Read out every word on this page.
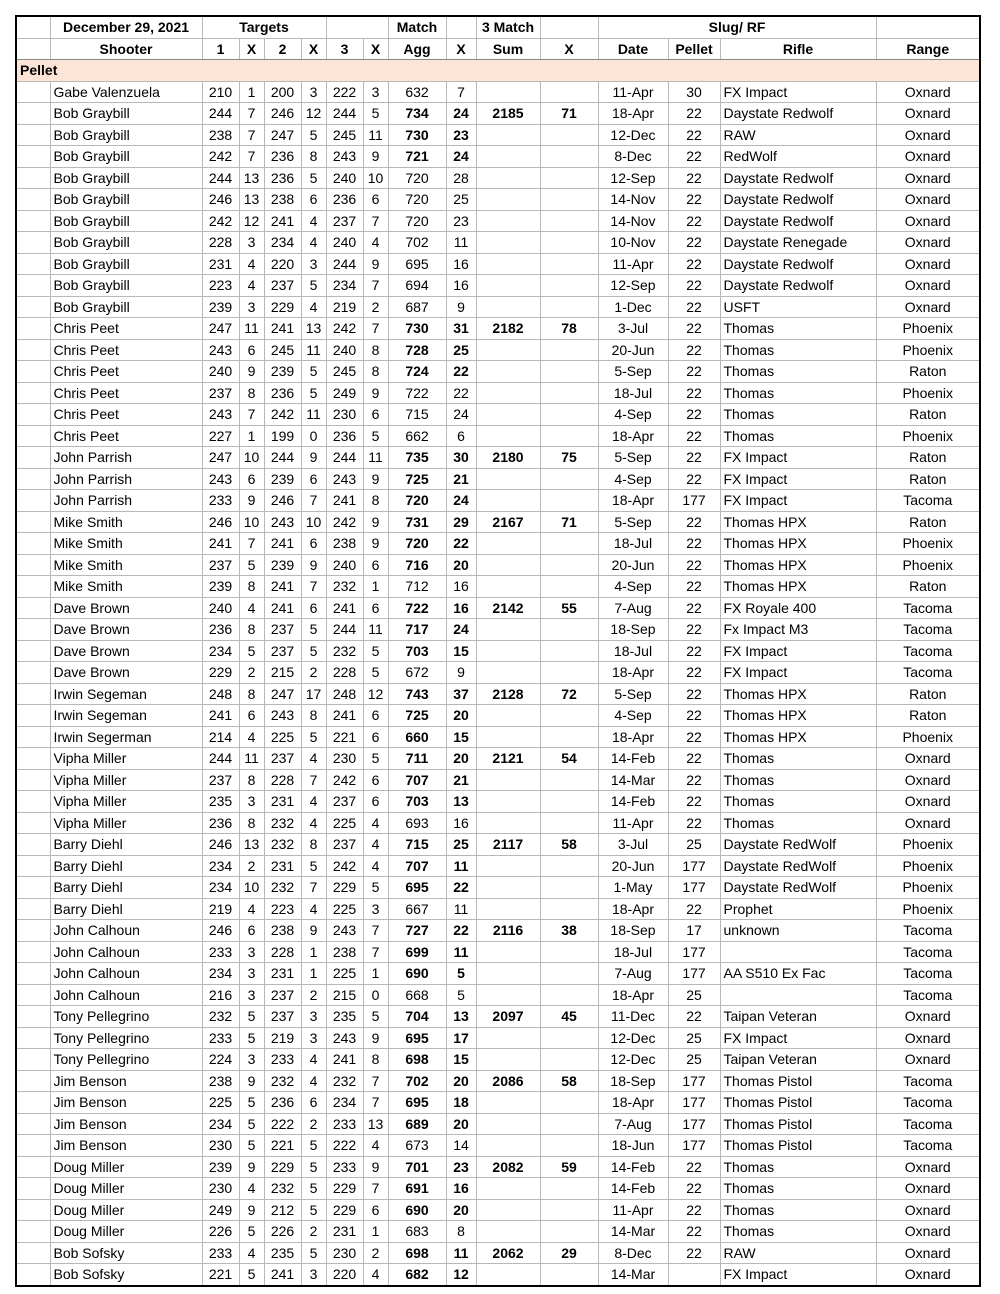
	December 29, 2021	Targets						Match		3 Match		Slug/ RF			
	Shooter	1	X	2	X	3	X	Agg	X	Sum	X	Date	Pellet	Rifle	Range
Pellet															
	Gabe Valenzuela	210	1	200	3	222	3	632	7			11-Apr	30	FX Impact	Oxnard
	Bob Graybill	244	7	246	12	244	5	734	24	2185	71	18-Apr	22	Daystate Redwolf	Oxnard
	Bob Graybill	238	7	247	5	245	11	730	23			12-Dec	22	RAW	Oxnard
	Bob Graybill	242	7	236	8	243	9	721	24			8-Dec	22	RedWolf	Oxnard
	Bob Graybill	244	13	236	5	240	10	720	28			12-Sep	22	Daystate Redwolf	Oxnard
	Bob Graybill	246	13	238	6	236	6	720	25			14-Nov	22	Daystate Redwolf	Oxnard
	Bob Graybill	242	12	241	4	237	7	720	23			14-Nov	22	Daystate Redwolf	Oxnard
	Bob Graybill	228	3	234	4	240	4	702	11			10-Nov	22	Daystate Renegade	Oxnard
	Bob Graybill	231	4	220	3	244	9	695	16			11-Apr	22	Daystate Redwolf	Oxnard
	Bob Graybill	223	4	237	5	234	7	694	16			12-Sep	22	Daystate Redwolf	Oxnard
	Bob Graybill	239	3	229	4	219	2	687	9			1-Dec	22	USFT	Oxnard
	Chris Peet	247	11	241	13	242	7	730	31	2182	78	3-Jul	22	Thomas	Phoenix
	Chris Peet	243	6	245	11	240	8	728	25			20-Jun	22	Thomas	Phoenix
	Chris Peet	240	9	239	5	245	8	724	22			5-Sep	22	Thomas	Raton
	Chris Peet	237	8	236	5	249	9	722	22			18-Jul	22	Thomas	Phoenix
	Chris Peet	243	7	242	11	230	6	715	24			4-Sep	22	Thomas	Raton
	Chris Peet	227	1	199	0	236	5	662	6			18-Apr	22	Thomas	Phoenix
	John Parrish	247	10	244	9	244	11	735	30	2180	75	5-Sep	22	FX Impact	Raton
	John Parrish	243	6	239	6	243	9	725	21			4-Sep	22	FX Impact	Raton
	John Parrish	233	9	246	7	241	8	720	24			18-Apr	177	FX Impact	Tacoma
	Mike Smith	246	10	243	10	242	9	731	29	2167	71	5-Sep	22	Thomas HPX	Raton
	Mike Smith	241	7	241	6	238	9	720	22			18-Jul	22	Thomas HPX	Phoenix
	Mike Smith	237	5	239	9	240	6	716	20			20-Jun	22	Thomas HPX	Phoenix
	Mike Smith	239	8	241	7	232	1	712	16			4-Sep	22	Thomas HPX	Raton
	Dave Brown	240	4	241	6	241	6	722	16	2142	55	7-Aug	22	FX Royale 400	Tacoma
	Dave Brown	236	8	237	5	244	11	717	24			18-Sep	22	Fx Impact M3	Tacoma
	Dave Brown	234	5	237	5	232	5	703	15			18-Jul	22	FX Impact	Tacoma
	Dave Brown	229	2	215	2	228	5	672	9			18-Apr	22	FX Impact	Tacoma
	Irwin Segeman	248	8	247	17	248	12	743	37	2128	72	5-Sep	22	Thomas HPX	Raton
	Irwin Segeman	241	6	243	8	241	6	725	20			4-Sep	22	Thomas HPX	Raton
	Irwin Segerman	214	4	225	5	221	6	660	15			18-Apr	22	Thomas HPX	Phoenix
	Vipha Miller	244	11	237	4	230	5	711	20	2121	54	14-Feb	22	Thomas	Oxnard
	Vipha Miller	237	8	228	7	242	6	707	21			14-Mar	22	Thomas	Oxnard
	Vipha Miller	235	3	231	4	237	6	703	13			14-Feb	22	Thomas	Oxnard
	Vipha Miller	236	8	232	4	225	4	693	16			11-Apr	22	Thomas	Oxnard
	Barry Diehl	246	13	232	8	237	4	715	25	2117	58	3-Jul	25	Daystate RedWolf	Phoenix
	Barry Diehl	234	2	231	5	242	4	707	11			20-Jun	177	Daystate RedWolf	Phoenix
	Barry Diehl	234	10	232	7	229	5	695	22			1-May	177	Daystate RedWolf	Phoenix
	Barry Diehl	219	4	223	4	225	3	667	11			18-Apr	22	Prophet	Phoenix
	John Calhoun	246	6	238	9	243	7	727	22	2116	38	18-Sep	17	unknown	Tacoma
	John Calhoun	233	3	228	1	238	7	699	11			18-Jul	177		Tacoma
	John Calhoun	234	3	231	1	225	1	690	5			7-Aug	177	AA S510 Ex Fac	Tacoma
	John Calhoun	216	3	237	2	215	0	668	5			18-Apr	25		Tacoma
	Tony Pellegrino	232	5	237	3	235	5	704	13	2097	45	11-Dec	22	Taipan Veteran	Oxnard
	Tony Pellegrino	233	5	219	3	243	9	695	17			12-Dec	25	FX Impact	Oxnard
	Tony Pellegrino	224	3	233	4	241	8	698	15			12-Dec	25	Taipan Veteran	Oxnard
	Jim Benson	238	9	232	4	232	7	702	20	2086	58	18-Sep	177	Thomas Pistol	Tacoma
	Jim Benson	225	5	236	6	234	7	695	18			18-Apr	177	Thomas Pistol	Tacoma
	Jim Benson	234	5	222	2	233	13	689	20			7-Aug	177	Thomas Pistol	Tacoma
	Jim Benson	230	5	221	5	222	4	673	14			18-Jun	177	Thomas Pistol	Tacoma
	Doug Miller	239	9	229	5	233	9	701	23	2082	59	14-Feb	22	Thomas	Oxnard
	Doug Miller	230	4	232	5	229	7	691	16			14-Feb	22	Thomas	Oxnard
	Doug Miller	249	9	212	5	229	6	690	20			11-Apr	22	Thomas	Oxnard
	Doug Miller	226	5	226	2	231	1	683	8			14-Mar	22	Thomas	Oxnard
	Bob Sofsky	233	4	235	5	230	2	698	11	2062	29	8-Dec	22	RAW	Oxnard
	Bob Sofsky	221	5	241	3	220	4	682	12			14-Mar		FX Impact	Oxnard
